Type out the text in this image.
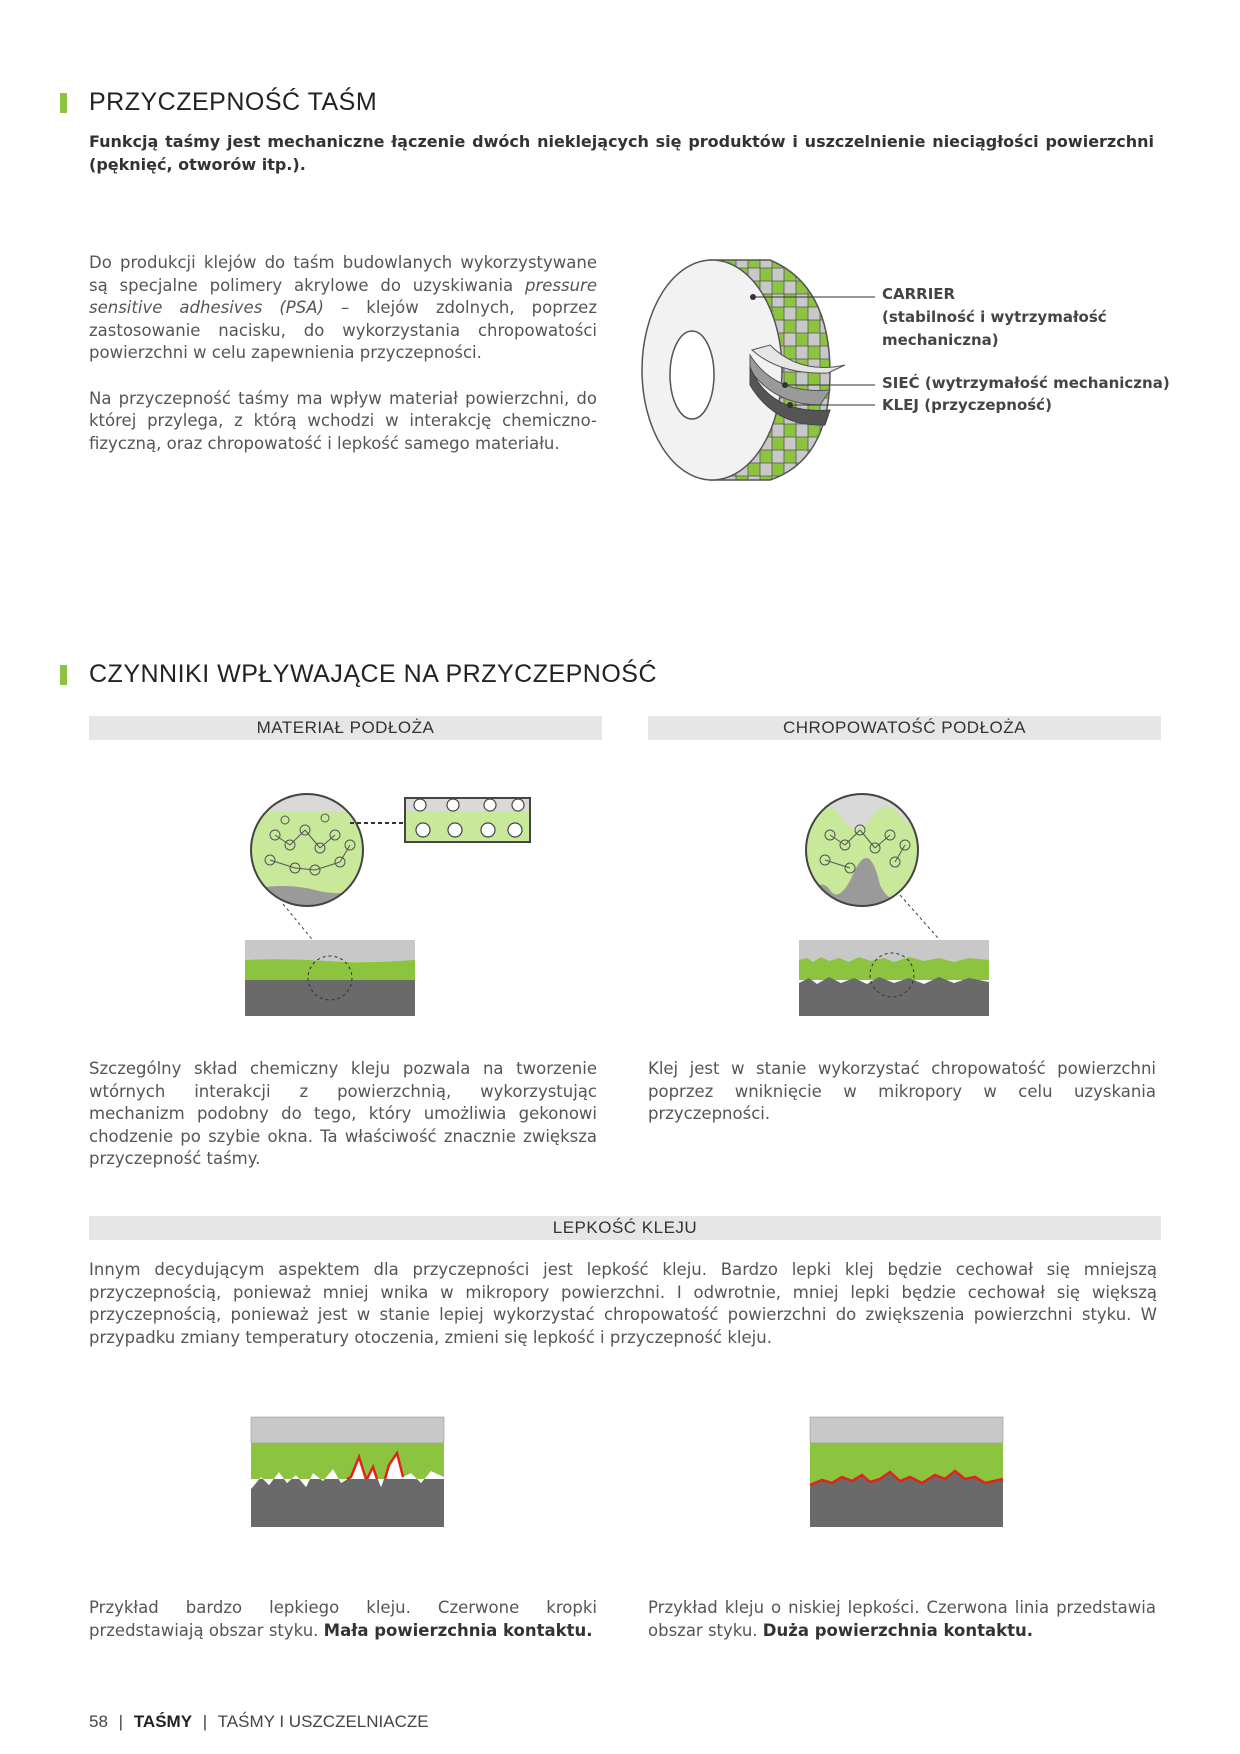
PRZYCZEPNOŚĆ TAŚM
Funkcją taśmy jest mechaniczne łączenie dwóch nieklejących się produktów i uszczelnienie nieciągłości powierzchni (pęknięć, otworów itp.).

Do produkcji klejów do taśm budowlanych wykorzystywane są specjalne polimery akrylowe do uzyskiwania pressure sensitive adhesives (PSA) – klejów zdolnych, poprzez zastosowanie nacisku, do wykorzystania chropowatości powierzchni w celu zapewnienia przyczepności.

Na przyczepność taśmy ma wpływ materiał powierzchni, do której przylega, z którą wchodzi w interakcję chemiczno-fizyczną, oraz chropowatość i lepkość samego materiału.

CARRIER
(stabilność i wytrzymałość
mechaniczna)
SIEĆ (wytrzymałość mechaniczna)
KLEJ (przyczepność)
CZYNNIKI WPŁYWAJĄCE NA PRZYCZEPNOŚĆ
MATERIAŁ PODŁOŻA	CHROPOWATOŚĆ PODŁOŻA

Szczególny skład chemiczny kleju pozwala na tworzenie wtórnych interakcji z powierzchnią, wykorzystując mechanizm podobny do tego, który umożliwia gekonowi chodzenie po szybie okna. Ta właściwość znacznie zwiększa przyczepność taśmy.

Klej jest w stanie wykorzystać chropowatość powierzchni poprzez wniknięcie w mikropory w celu uzyskania przyczepności.

LEPKOŚĆ KLEJU

Innym decydującym aspektem dla przyczepności jest lepkość kleju. Bardzo lepki klej będzie cechował się mniejszą przyczepnością, ponieważ mniej wnika w mikropory powierzchni. I odwrotnie, mniej lepki będzie cechował się większą przyczepnością, ponieważ jest w stanie lepiej wykorzystać chropowatość powierzchni do zwiększenia powierzchni styku. W przypadku zmiany temperatury otoczenia, zmieni się lepkość i przyczepność kleju.

Przykład bardzo lepkiego kleju. Czerwone kropki przedstawiają obszar styku. Mała powierzchnia kontaktu.

Przykład kleju o niskiej lepkości. Czerwona linia przedstawia obszar styku. Duża powierzchnia kontaktu.

58 | TAŚMY | TAŚMY I USZCZELNIACZE
